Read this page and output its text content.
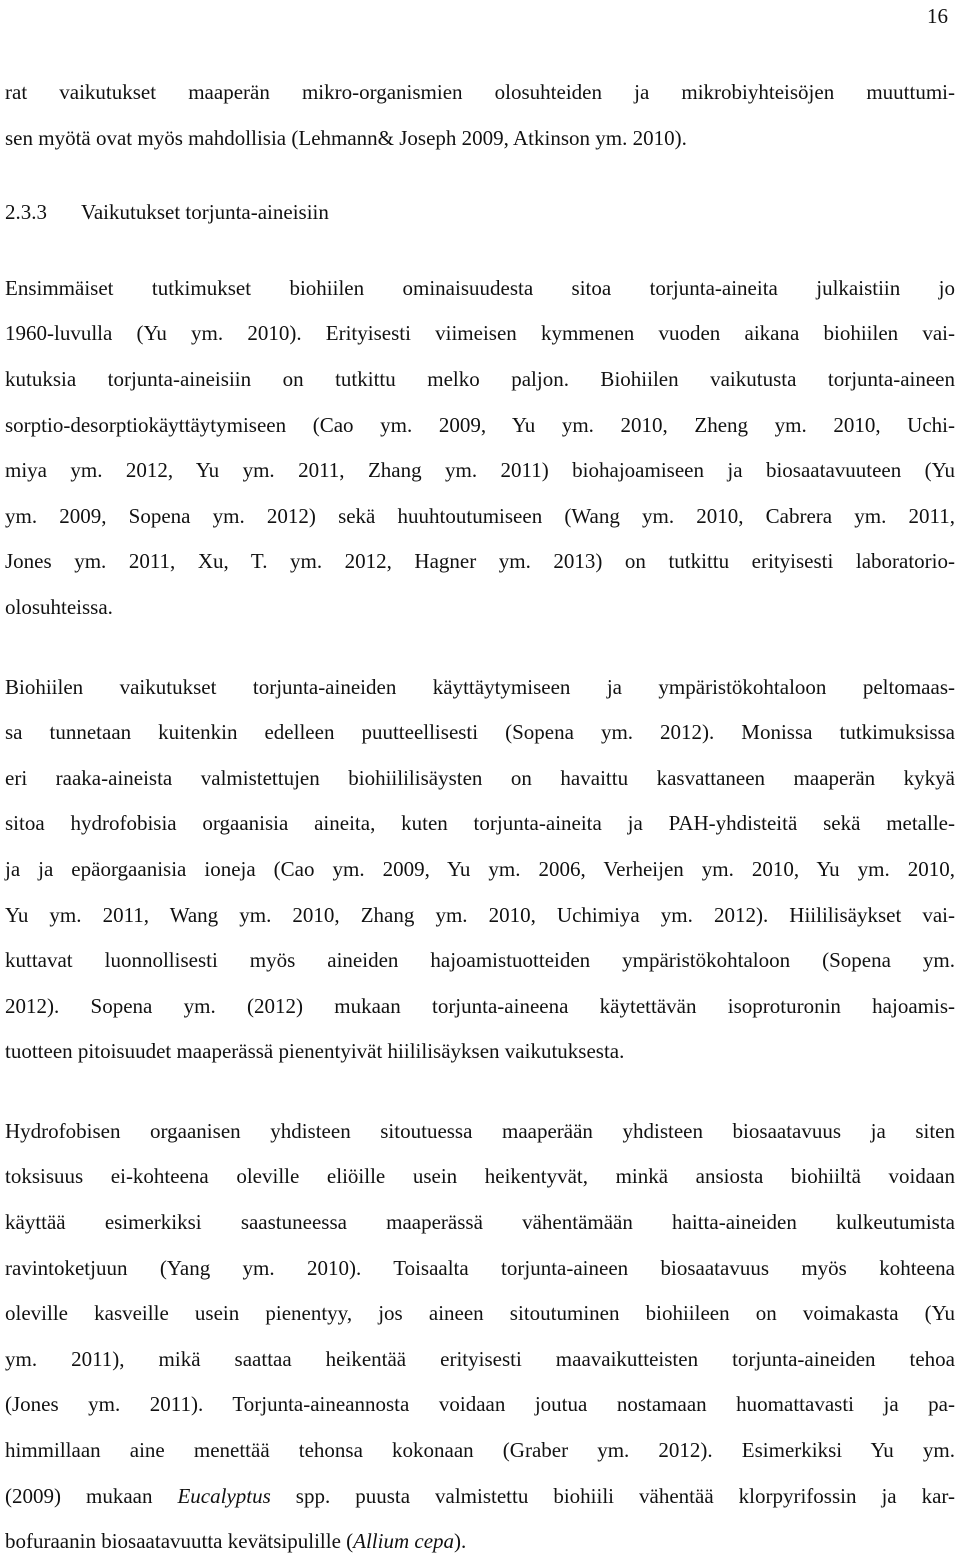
16

rat vaikutukset maaperän mikro-organismien olosuhteiden ja mikrobiyhteisöjen muuttumi-
sen myötä ovat myös mahdollisia (Lehmann& Joseph 2009, Atkinson ym. 2010).

2.3.3 Vaikutukset torjunta-aineisiin

Ensimmäiset tutkimukset biohiilen ominaisuudesta sitoa torjunta-aineita julkaistiin jo
1960-luvulla (Yu ym. 2010). Erityisesti viimeisen kymmenen vuoden aikana biohiilen vai-
kutuksia torjunta-aineisiin on tutkittu melko paljon. Biohiilen vaikutusta torjunta-aineen
sorptio-desorptiokäyttäytymiseen (Cao ym. 2009, Yu ym. 2010, Zheng ym. 2010, Uchi-
miya ym. 2012, Yu ym. 2011, Zhang ym. 2011) biohajoamiseen ja biosaatavuuteen (Yu
ym. 2009, Sopena ym. 2012) sekä huuhtoutumiseen (Wang ym. 2010, Cabrera ym. 2011,
Jones ym. 2011, Xu, T. ym. 2012, Hagner ym. 2013) on tutkittu erityisesti laboratorio-
olosuhteissa.

Biohiilen vaikutukset torjunta-aineiden käyttäytymiseen ja ympäristökohtaloon peltomaas-
sa tunnetaan kuitenkin edelleen puutteellisesti (Sopena ym. 2012). Monissa tutkimuksissa
eri raaka-aineista valmistettujen biohiililisäysten on havaittu kasvattaneen maaperän kykyä
sitoa hydrofobisia orgaanisia aineita, kuten torjunta-aineita ja PAH-yhdisteitä sekä metalle-
ja ja epäorgaanisia ioneja (Cao ym. 2009, Yu ym. 2006, Verheijen ym. 2010, Yu ym. 2010,
Yu ym. 2011, Wang ym. 2010, Zhang ym. 2010, Uchimiya ym. 2012). Hiililisäykset vai-
kuttavat luonnollisesti myös aineiden hajoamistuotteiden ympäristökohtaloon (Sopena ym.
2012). Sopena ym. (2012) mukaan torjunta-aineena käytettävän isoproturonin hajoamis-
tuotteen pitoisuudet maaperässä pienentyivät hiililisäyksen vaikutuksesta.

Hydrofobisen orgaanisen yhdisteen sitoutuessa maaperään yhdisteen biosaatavuus ja siten
toksisuus ei-kohteena oleville eliöille usein heikentyvät, minkä ansiosta biohiiltä voidaan
käyttää esimerkiksi saastuneessa maaperässä vähentämään haitta-aineiden kulkeutumista
ravintoketjuun (Yang ym. 2010). Toisaalta torjunta-aineen biosaatavuus myös kohteena
oleville kasveille usein pienentyy, jos aineen sitoutuminen biohiileen on voimakasta (Yu
ym. 2011), mikä saattaa heikentää erityisesti maavaikutteisten torjunta-aineiden tehoa
(Jones ym. 2011). Torjunta-aineannosta voidaan joutua nostamaan huomattavasti ja pa-
himmillaan aine menettää tehonsa kokonaan (Graber ym. 2012). Esimerkiksi Yu ym.
(2009) mukaan Eucalyptus spp. puusta valmistettu biohiili vähentää klorpyrifossin ja kar-
bofuraanin biosaatavuutta kevätsipulille (Allium cepa).
